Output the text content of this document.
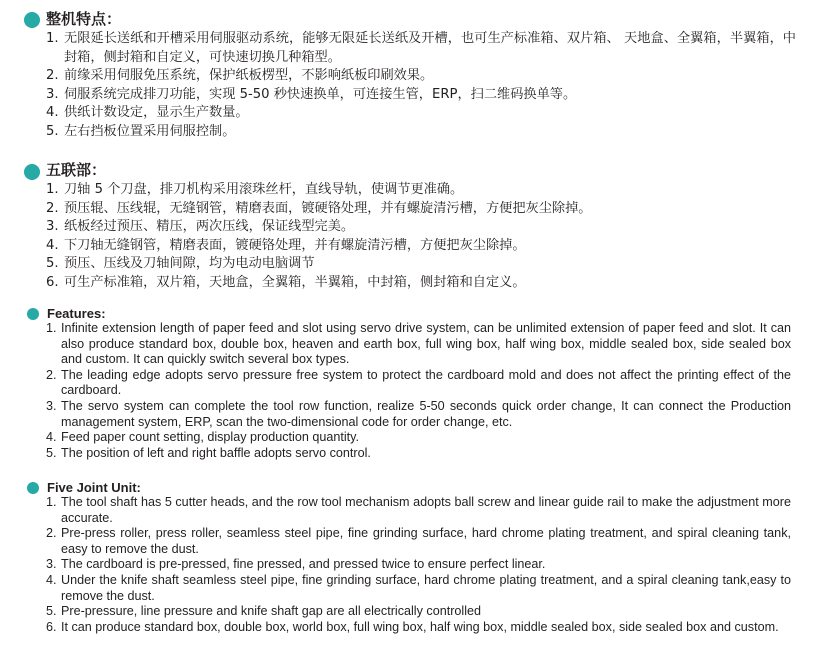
整机特点：
1. 无限延长送纸和开槽采用伺服驱动系统，能够无限延长送纸及开槽，也可生产标准箱、双片箱、 天地盒、全翼箱，半翼箱，中封箱，侧封箱和自定义，可快速切换几种箱型。
2. 前缘采用伺服免压系统，保护纸板楞型，不影响纸板印刷效果。
3. 伺服系统完成排刀功能，实现 5-50 秒快速换单，可连接生管，ERP，扫二维码换单等。
4. 供纸计数设定，显示生产数量。
5. 左右挡板位置采用伺服控制。
五联部：
1. 刀轴 5 个刀盘，排刀机构采用滚珠丝杆，直线导轨，使调节更准确。
2. 预压辊、压线辊，无缝钢管，精磨表面，镀硬铬处理，并有螺旋清污槽，方便把灰尘除掉。
3. 纸板经过预压、精压，两次压线，保证线型完美。
4. 下刀轴无缝钢管，精磨表面，镀硬铬处理，并有螺旋清污槽，方便把灰尘除掉。
5. 预压、压线及刀轴间隙，均为电动电脑调节
6. 可生产标准箱，双片箱，天地盒，全翼箱，半翼箱，中封箱，侧封箱和自定义。
Features:
1. Infinite extension length of paper feed and slot using servo drive system, can be unlimited extension of paper feed and slot. It can also produce standard box, double box, heaven and earth box, full wing box, half wing box, middle sealed box, side sealed box and custom. It can quickly switch several box types.
2. The leading edge adopts servo pressure free system to protect the cardboard mold and does not affect the printing effect of the cardboard.
3. The servo system can complete the tool row function, realize 5-50 seconds quick order change, It can connect the Production management system, ERP, scan the two-dimensional code for order change, etc.
4. Feed paper count setting, display production quantity.
5. The position of left and right baffle adopts servo control.
Five Joint Unit:
1. The tool shaft has 5 cutter heads, and the row tool mechanism adopts ball screw and linear guide rail to make the adjustment more accurate.
2. Pre-press roller, press roller, seamless steel pipe, fine grinding surface, hard chrome plating treatment, and spiral cleaning tank, easy to remove the dust.
3. The cardboard is pre-pressed, fine pressed, and pressed twice to ensure perfect linear.
4. Under the knife shaft seamless steel pipe, fine grinding surface, hard chrome plating treatment, and a spiral cleaning tank,easy to remove the dust.
5. Pre-pressure, line pressure and knife shaft gap are all electrically controlled
6. It can produce standard box, double box, world box, full wing box, half wing box, middle sealed box, side sealed box and custom.
